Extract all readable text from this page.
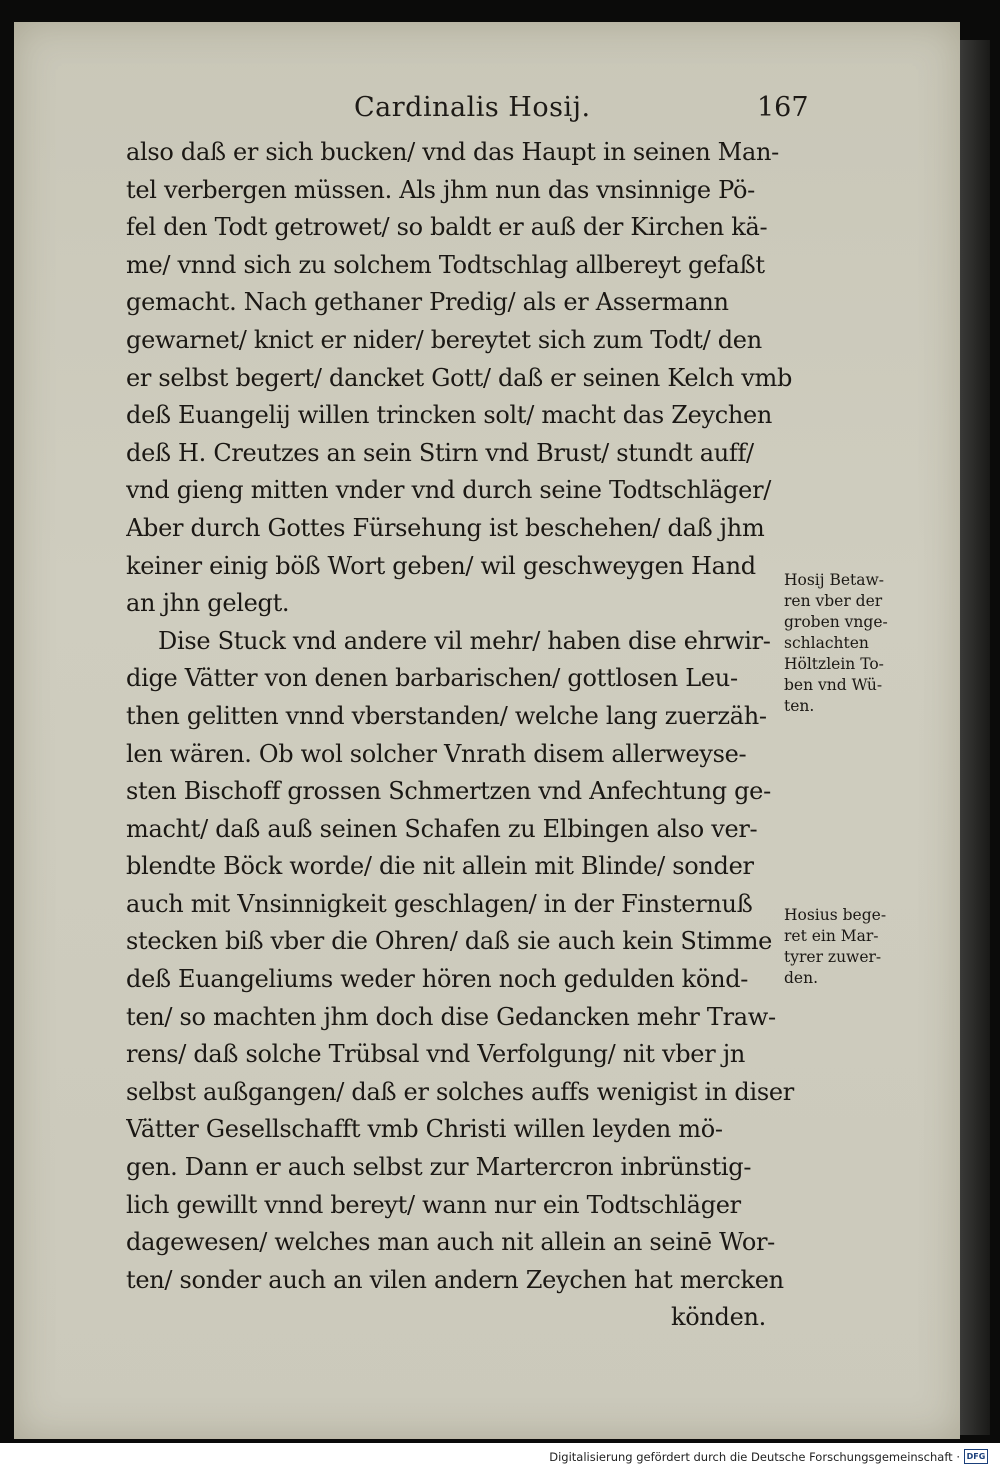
Cardinalis Hosij.	167
also daß er sich bucken/ vnd das Haupt in seinen Man‑
tel verbergen müssen. Als jhm nun das vnsinnige Pö‑
fel den Todt getrowet/ so baldt er auß der Kirchen kä‑
me/ vnnd sich zu solchem Todtschlag allbereyt gefaßt
gemacht. Nach gethaner Predig/ als er Assermann
gewarnet/ knict er nider/ bereytet sich zum Todt/ den
er selbst begert/ dancket Gott/ daß er seinen Kelch vmb
deß Euangelij willen trincken solt/ macht das Zeychen
deß H. Creutzes an sein Stirn vnd Brust/ stundt auff/
vnd gieng mitten vnder vnd durch seine Todtschläger/
Aber durch Gottes Fürsehung ist beschehen/ daß jhm
keiner einig böß Wort geben/ wil geschweygen Hand
an jhn gelegt.
Dise Stuck vnd andere vil mehr/ haben dise ehrwir‑
dige Vätter von denen barbarischen/ gottlosen Leu‑
then gelitten vnnd vberstanden/ welche lang zuerzäh‑
len wären. Ob wol solcher Vnrath disem allerweyse‑
sten Bischoff grossen Schmertzen vnd Anfechtung ge‑
macht/ daß auß seinen Schafen zu Elbingen also ver‑
blendte Böck worde/ die nit allein mit Blinde/ sonder
auch mit Vnsinnigkeit geschlagen/ in der Finsternuß
stecken biß vber die Ohren/ daß sie auch kein Stimme
deß Euangeliums weder hören noch gedulden könd‑
ten/ so machten jhm doch dise Gedancken mehr Traw‑
rens/ daß solche Trübsal vnd Verfolgung/ nit vber jn
selbst außgangen/ daß er solches auffs wenigist in diser
Vätter Gesellschafft vmb Christi willen leyden mö‑
gen. Dann er auch selbst zur Martercron inbrünstig‑
lich gewillt vnnd bereyt/ wann nur ein Todtschläger
dagewesen/ welches man auch nit allein an seinē Wor‑
ten/ sonder auch an vilen andern Zeychen hat mercken
könden.
Hosij Betaw‑
ren vber der
groben vnge‑
schlachten
Höltzlein To‑
ben vnd Wü‑
ten.
Hosius bege‑
ret ein Mar‑
tyrer zuwer‑
den.
Digitalisierung gefördert durch die Deutsche Forschungsgemeinschaft · DFG
